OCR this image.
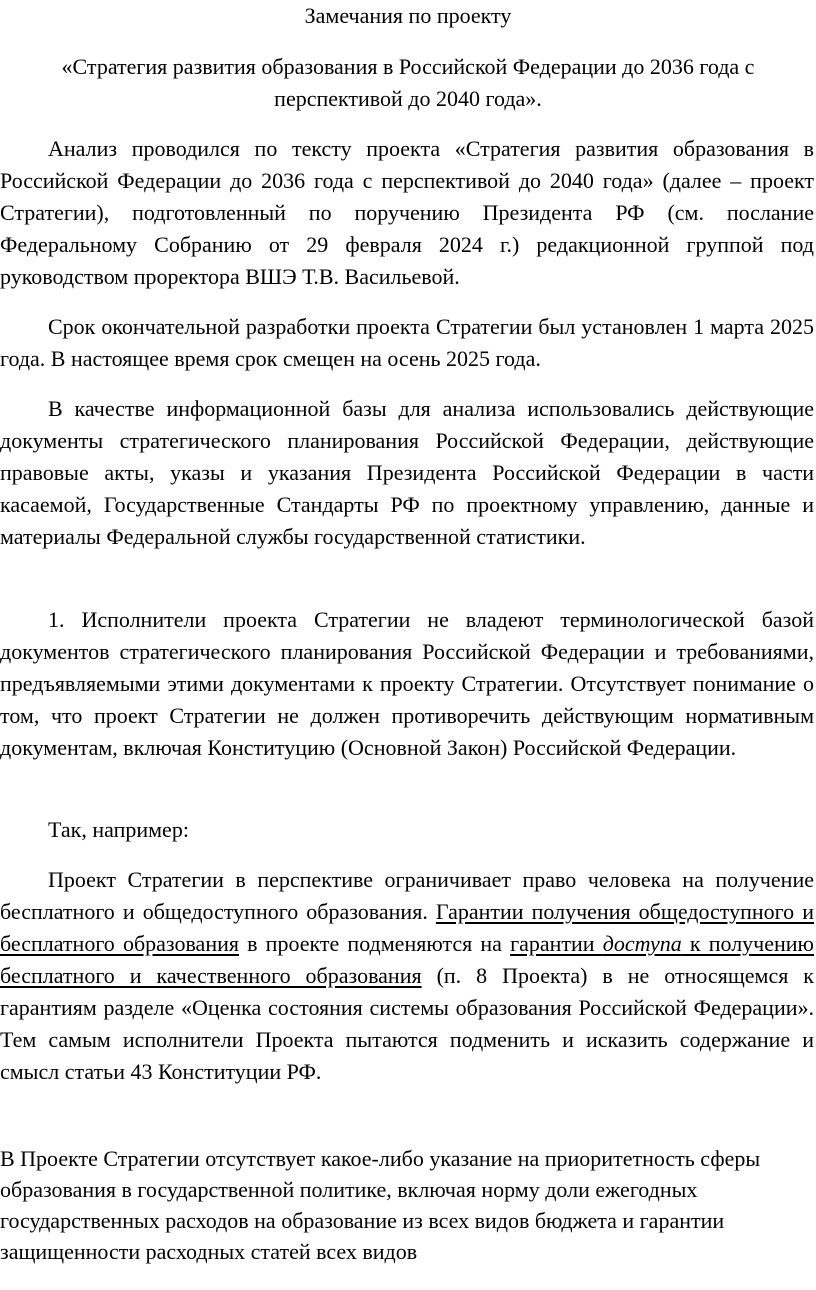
Замечания по проекту

«Стратегия развития образования в Российской Федерации до 2036 года с перспективой до 2040 года».

Анализ проводился по тексту проекта «Стратегия развития образования в Российской Федерации до 2036 года с перспективой до 2040 года» (далее – проект Стратегии), подготовленный по поручению Президента РФ (см. послание Федеральному Собранию от 29 февраля 2024 г.) редакционной группой под руководством проректора ВШЭ Т.В. Васильевой.

Срок окончательной разработки проекта Стратегии был установлен 1 марта 2025 года. В настоящее время срок смещен на осень 2025 года.

В качестве информационной базы для анализа использовались действующие документы стратегического планирования Российской Федерации, действующие правовые акты, указы и указания Президента Российской Федерации в части касаемой, Государственные Стандарты РФ по проектному управлению, данные и материалы Федеральной службы государственной статистики.

1. Исполнители проекта Стратегии не владеют терминологической базой документов стратегического планирования Российской Федерации и требованиями, предъявляемыми этими документами к проекту Стратегии. Отсутствует понимание о том, что проект Стратегии не должен противоречить действующим нормативным документам, включая Конституцию (Основной Закон) Российской Федерации.

Так, например:

Проект Стратегии в перспективе ограничивает право человека на получение бесплатного и общедоступного образования. Гарантии получения общедоступного и бесплатного образования в проекте подменяются на гарантии доступа к получению бесплатного и качественного образования (п. 8 Проекта) в не относящемся к гарантиям разделе «Оценка состояния системы образования Российской Федерации». Тем самым исполнители Проекта пытаются подменить и исказить содержание и смысл статьи 43 Конституции РФ.

В Проекте Стратегии отсутствует какое-либо указание на приоритетность сферы образования в государственной политике, включая норму доли ежегодных государственных расходов на образование из всех видов бюджета и гарантии защищенности расходных статей всех видов
